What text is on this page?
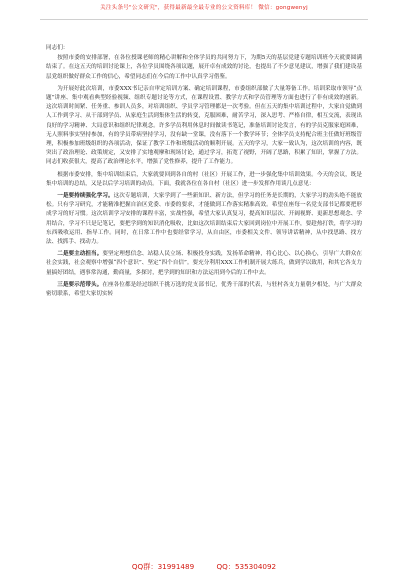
关注头条号"公文研究"，获得最新最全最专业的公文资料库！ 微信：gongwenyj

同志们：

按照市委的安排部署，在各位授课老师的精心讲解和全体学员的共同努力下，为期5天的基层党建专题培训班今天就要圆满结束了。在这五天的培训讨论课上，各位学员围绕各项议题，展开卓有成效的讨论，也提出了不少意见建议，增强了我们建设基层党组织做好群众工作的信心，希望同志们在今后的工作中认真学习借鉴。

为开展好此次培训，市委XXX书记亲自审定培训方案、确定培训课程，市委组织部做了大量筹备工作。培训采取市领导“点题”讲座、集中观看典型经验视频、组织专题讨论等方式，在课程设置、教学方式和学员管理等方面也进行了非有成效的创新。这次培训时间紧、任务重、参训人员多，对培训组织、学员学习管理都是一次考验。但在五天的集中培训过程中，大家自觉做到人工作到学习、从干部到学员、从家庭生活到集体生活的转变，克服困难，耐苦学习，深入思考、严格自律，相互交流，表现出良好的学习精神、大局意识和组织纪律观念。许多学员利用休息时间做读书笔记，准备培训讨论发言，有的学员克服家庭困难，无人照料事实坚持参加，有的学员带病坚持学习，没有缺一堂课，没有落下一个教学环节；全体学员支持配合班主任做好班级管理，积极参加班级组织的各项活动，保证了教学工作和班级活动的顺利开展。五天的学习，大家一致认为，这次培训的内容，既突出了政治理论、政策规定，又安排了实地观摩和现场讨论，通过学习，拓宽了视野，开阔了思路，积累了知识，掌握了方法。同志们收获很大，提高了政治理论水平，增强了党性修养，提升了工作能力。

根据市委安排，集中培训结束后，大家就要回到各自的村（社区）开展工作，进一步强化集中培训效果。今天的会议，既是集中培训的总结，又是以后学习培训的动员。下面，我就各位在各自村（社区）进一步发挥作用谈几点意见：

一是要持续强化学习。这次专题培训，大家学到了一些新知识、新方法，但学习的任务是长期的，大家学习的劲头绝不能放松。只有学习研究，才能精准把握自治区党委、市委的要求，才能做到工作落实精准高效。希望在座每一名党支部书记都要把形成学习的好习惯。这次培训学习安排的课程丰富，实战性强，希望大家认真复习，提高知识层次、开阔视野、更新思想观念、学用结合，学习不只是记笔记，要把学到的知识消化吸收，比如这次培训结束后大家回到岗位中开展工作，要趁热打铁，将学习的东西吸收运用、指导工作。同时，在日常工作中也要经常学习，从自由区，市委相关文件、领导讲话精神，从中找思路、找方法、找抓手、找动力。

二是要主动担当。要坚定理想信念、站稳人民立场、积极投身实践，发扬革命精神，将心比心、以心换心，引导广大群众在社会实践，社会观察中增强“四个意识”、坚定“四个自信”。要充分利用XXX工作机制开展大练兵，做到学以致用，和其它各支力量搞好团结，遇事常沟通，勤商量，多探讨，把学到的知识和方法运用到今后的工作中去。

三是要示范带头。在座各位都是经过组织千挑万选的党支部书记，优秀干部的代表，与驻村各支力量朝夕相处，与广大群众密切联系，希望大家切实转

QQ群：31991489	QQ：535304092
